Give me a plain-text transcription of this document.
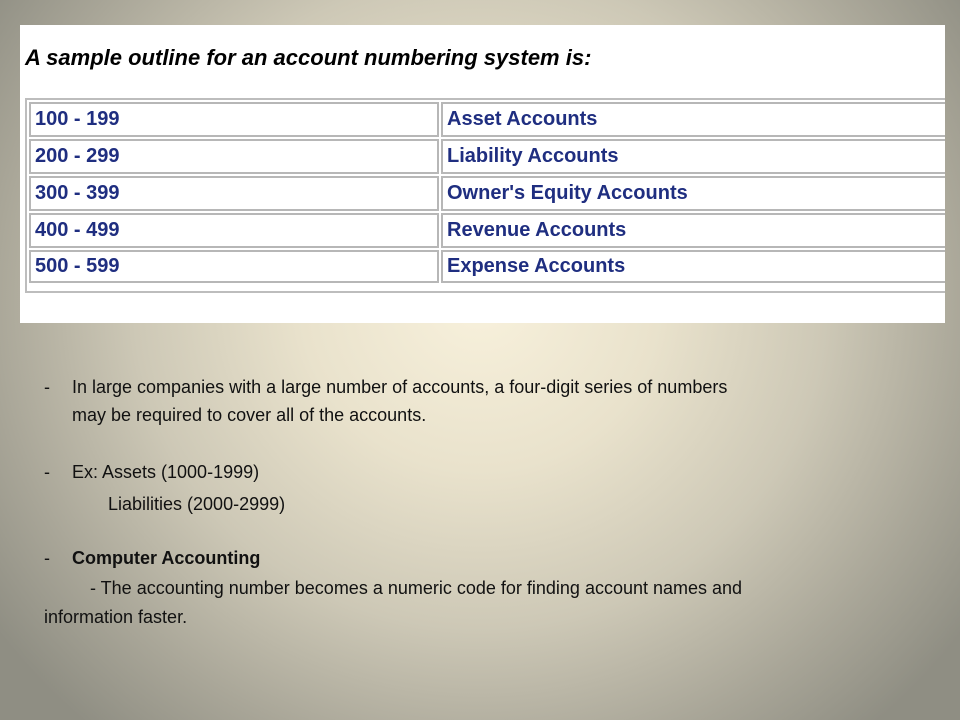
A sample outline for an account numbering system is:

100 - 199	Asset Accounts
200 - 299	Liability Accounts
300 - 399	Owner's Equity Accounts
400 - 499	Revenue Accounts
500 - 599	Expense Accounts

- In large companies with a large number of accounts, a four-digit series of numbers

may be required to cover all of the accounts.

- Ex: Assets (1000-1999)

Liabilities (2000-2999)

- Computer Accounting

- The accounting number becomes a numeric code for finding account names and

information faster.
